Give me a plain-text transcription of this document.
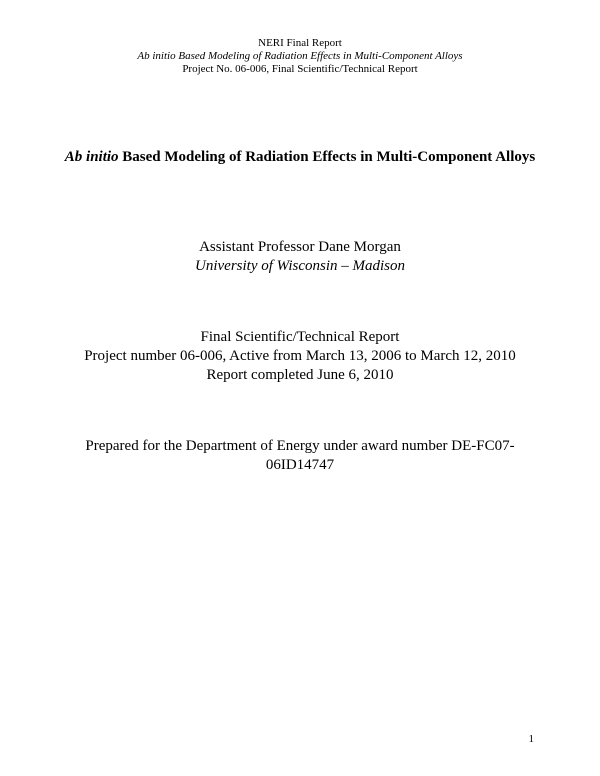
NERI Final Report
Ab initio Based Modeling of Radiation Effects in Multi-Component Alloys
Project No. 06-006, Final Scientific/Technical Report
Ab initio Based Modeling of Radiation Effects in Multi-Component Alloys
Assistant Professor Dane Morgan
University of Wisconsin – Madison
Final Scientific/Technical Report
Project number 06-006, Active from March 13, 2006 to March 12, 2010
Report completed June 6, 2010
Prepared for the Department of Energy under award number DE-FC07-06ID14747
1
